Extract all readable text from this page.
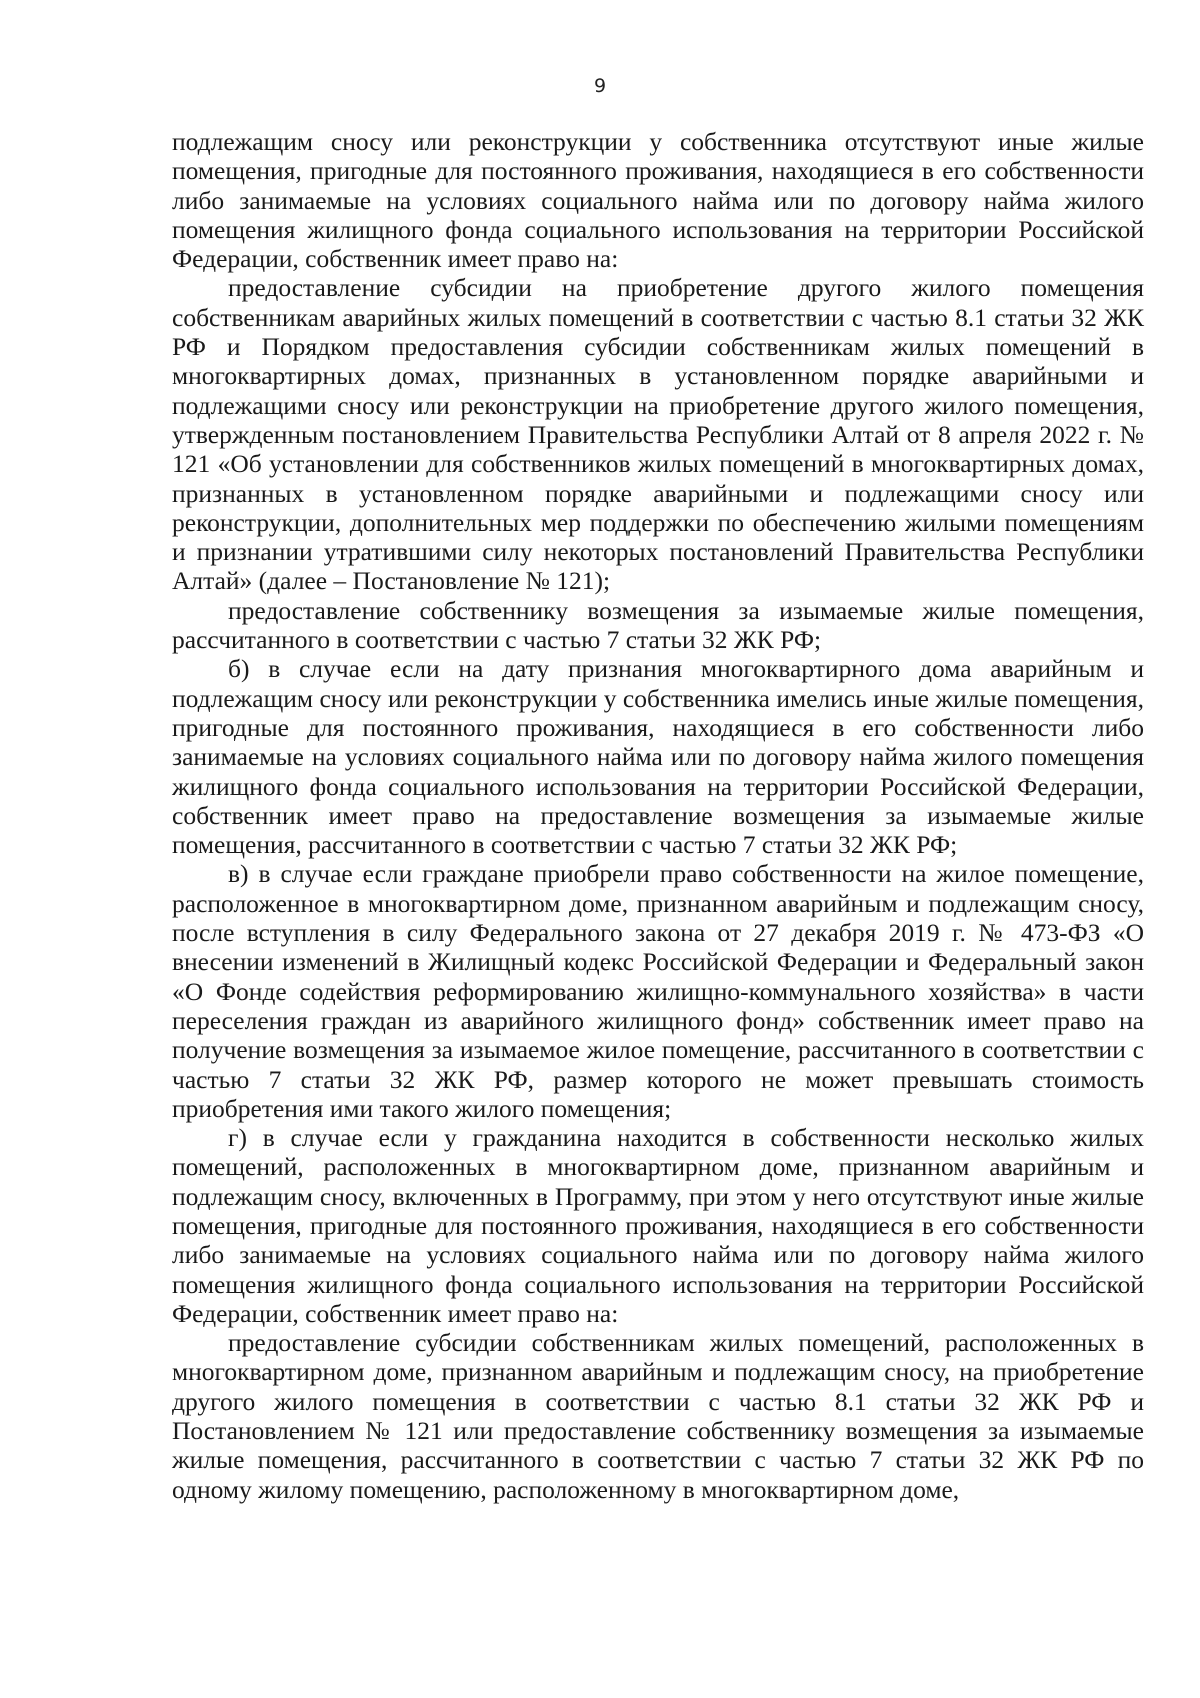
9

подлежащим сносу или реконструкции у собственника отсутствуют иные жилые помещения, пригодные для постоянного проживания, находящиеся в его собственности либо занимаемые на условиях социального найма или по договору найма жилого помещения жилищного фонда социального использования на территории Российской Федерации, собственник имеет право на:

предоставление субсидии на приобретение другого жилого помещения собственникам аварийных жилых помещений в соответствии с частью 8.1 статьи 32 ЖК РФ и Порядком предоставления субсидии собственникам жилых помещений в многоквартирных домах, признанных в установленном порядке аварийными и подлежащими сносу или реконструкции на приобретение другого жилого помещения, утвержденным постановлением Правительства Республики Алтай от 8 апреля 2022 г. № 121 «Об установлении для собственников жилых помещений в многоквартирных домах, признанных в установленном порядке аварийными и подлежащими сносу или реконструкции, дополнительных мер поддержки по обеспечению жилыми помещениям и признании утратившими силу некоторых постановлений Правительства Республики Алтай» (далее – Постановление № 121);

предоставление собственнику возмещения за изымаемые жилые помещения, рассчитанного в соответствии с частью 7 статьи 32 ЖК РФ;

б) в случае если на дату признания многоквартирного дома аварийным и подлежащим сносу или реконструкции у собственника имелись иные жилые помещения, пригодные для постоянного проживания, находящиеся в его собственности либо занимаемые на условиях социального найма или по договору найма жилого помещения жилищного фонда социального использования на территории Российской Федерации, собственник имеет право на предоставление возмещения за изымаемые жилые помещения, рассчитанного в соответствии с частью 7 статьи 32 ЖК РФ;

в) в случае если граждане приобрели право собственности на жилое помещение, расположенное в многоквартирном доме, признанном аварийным и подлежащим сносу, после вступления в силу Федерального закона от 27 декабря 2019 г. № 473-ФЗ «О внесении изменений в Жилищный кодекс Российской Федерации и Федеральный закон «О Фонде содействия реформированию жилищно-коммунального хозяйства» в части переселения граждан из аварийного жилищного фонд» собственник имеет право на получение возмещения за изымаемое жилое помещение, рассчитанного в соответствии с частью 7 статьи 32 ЖК РФ, размер которого не может превышать стоимость приобретения ими такого жилого помещения;

г) в случае если у гражданина находится в собственности несколько жилых помещений, расположенных в многоквартирном доме, признанном аварийным и подлежащим сносу, включенных в Программу, при этом у него отсутствуют иные жилые помещения, пригодные для постоянного проживания, находящиеся в его собственности либо занимаемые на условиях социального найма или по договору найма жилого помещения жилищного фонда социального использования на территории Российской Федерации, собственник имеет право на:

предоставление субсидии собственникам жилых помещений, расположенных в многоквартирном доме, признанном аварийным и подлежащим сносу, на приобретение другого жилого помещения в соответствии с частью 8.1 статьи 32 ЖК РФ и Постановлением № 121 или предоставление собственнику возмещения за изымаемые жилые помещения, рассчитанного в соответствии с частью 7 статьи 32 ЖК РФ по одному жилому помещению, расположенному в многоквартирном доме,
